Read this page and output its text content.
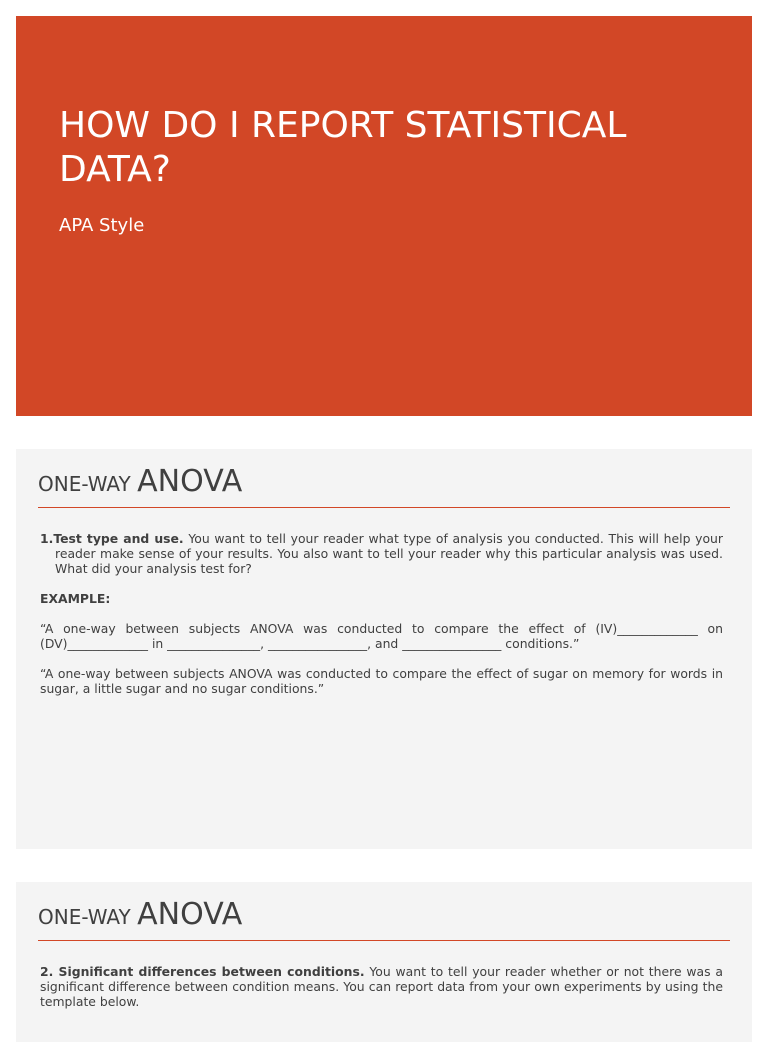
HOW DO I REPORT STATISTICAL DATA?

APA Style

ONE-WAY ANOVA

1.Test type and use. You want to tell your reader what type of analysis you conducted. This will help your reader make sense of your results. You also want to tell your reader why this particular analysis was used. What did your analysis test for?

EXAMPLE:

“A one-way between subjects ANOVA was conducted to compare the effect of (IV)_____________ on (DV)_____________ in _______________, ________________, and ________________ conditions.”

“A one-way between subjects ANOVA was conducted to compare the effect of sugar on memory for words in sugar, a little sugar and no sugar conditions.”

ONE-WAY ANOVA

2. Significant differences between conditions. You want to tell your reader whether or not there was a significant difference between condition means. You can report data from your own experiments by using the template below.
